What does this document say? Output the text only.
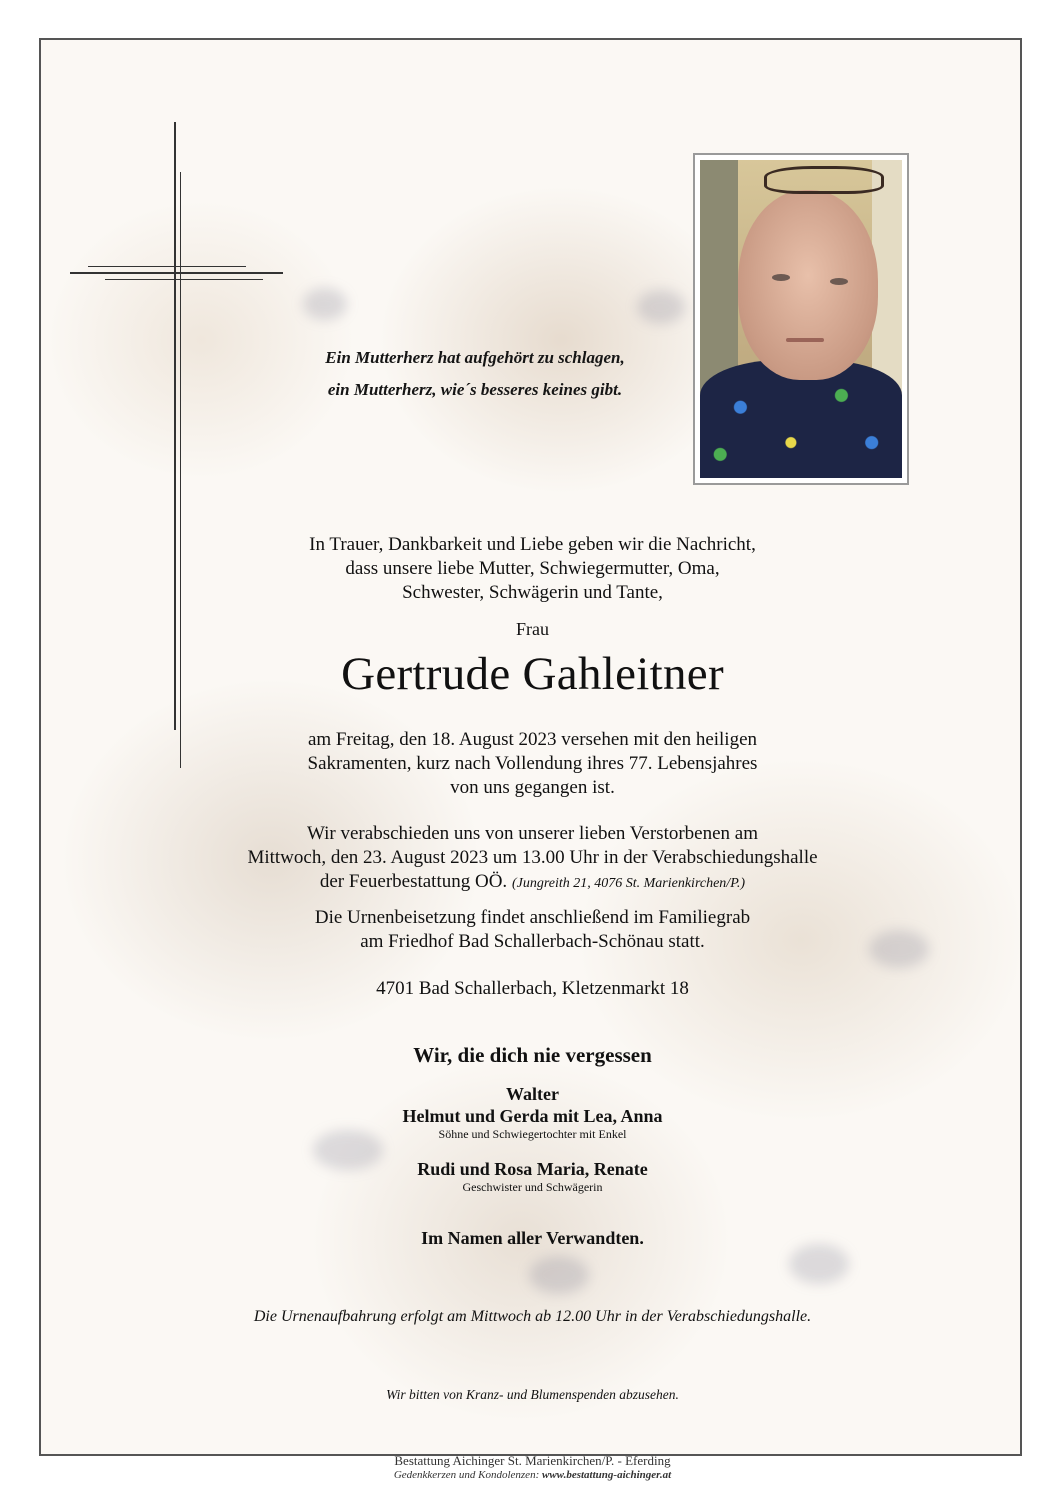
Ein Mutterherz hat aufgehört zu schlagen,
ein Mutterherz, wie´s besseres keines gibt.
In Trauer, Dankbarkeit und Liebe geben wir die Nachricht,
dass unsere liebe Mutter, Schwiegermutter, Oma,
Schwester, Schwägerin und Tante,
Frau
Gertrude Gahleitner
am Freitag, den 18. August 2023 versehen mit den heiligen
Sakramenten, kurz nach Vollendung ihres 77. Lebensjahres
von uns gegangen ist.
Wir verabschieden uns von unserer lieben Verstorbenen am
Mittwoch, den 23. August 2023 um 13.00 Uhr in der Verabschiedungshalle
der Feuerbestattung OÖ. (Jungreith 21, 4076 St. Marienkirchen/P.)
Die Urnenbeisetzung findet anschließend im Familiegrab
am Friedhof Bad Schallerbach-Schönau statt.
4701 Bad Schallerbach, Kletzenmarkt 18
Wir, die dich nie vergessen
Walter
Helmut und Gerda mit Lea, Anna
Söhne und Schwiegertochter mit Enkel
Rudi und Rosa Maria, Renate
Geschwister und Schwägerin
Im Namen aller Verwandten.
Die Urnenaufbahrung erfolgt am Mittwoch ab 12.00 Uhr in der Verabschiedungshalle.
Wir bitten von Kranz- und Blumenspenden abzusehen.
Bestattung Aichinger St. Marienkirchen/P. - Eferding
Gedenkkerzen und Kondolenzen: www.bestattung-aichinger.at
